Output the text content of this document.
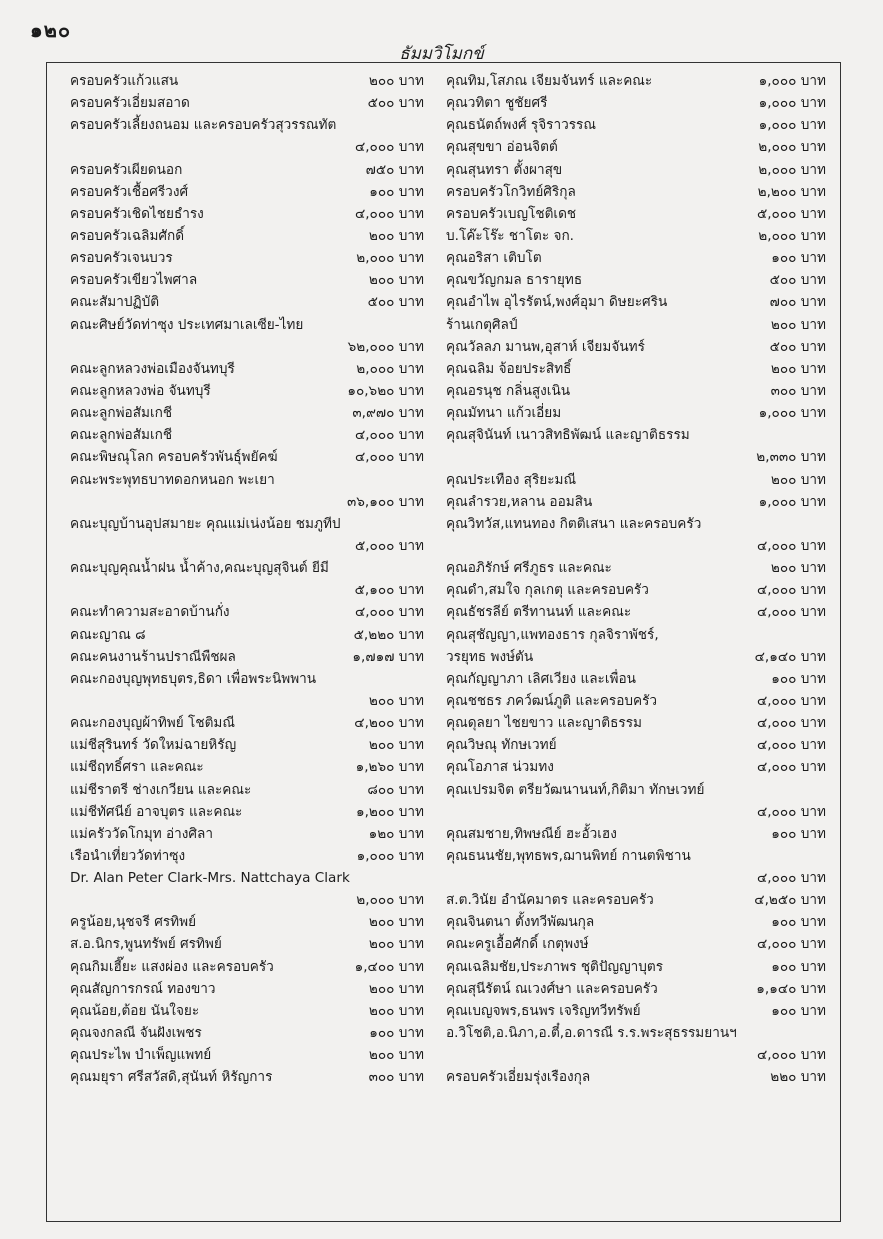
๑๒๐
ธัมมวิโมกข์
ครอบครัวแก้วแสน	๒๐๐ บาท
ครอบครัวเอี่ยมสอาด	๕๐๐ บาท
ครอบครัวเลี้ยงถนอม และครอบครัวสุวรรณทัต
๔,๐๐๐ บาท
ครอบครัวเผียดนอก	๗๕๐ บาท
ครอบครัวเชื้อศรีวงศ์	๑๐๐ บาท
ครอบครัวเชิดไชยธำรง	๔,๐๐๐ บาท
ครอบครัวเฉลิมศักดิ์	๒๐๐ บาท
ครอบครัวเจนบวร	๒,๐๐๐ บาท
ครอบครัวเขียวไพศาล	๒๐๐ บาท
คณะสัมาปฏิบัติ	๕๐๐ บาท
คณะศิษย์วัดท่าซุง ประเทศมาเลเซีย-ไทย
๖๒,๐๐๐ บาท
คณะลูกหลวงพ่อเมืองจันทบุรี	๒,๐๐๐ บาท
คณะลูกหลวงพ่อ จันทบุรี	๑๐,๖๒๐ บาท
คณะลูกพ่อสัมเกชี	๓,๙๗๐ บาท
คณะลูกพ่อสัมเกชี	๔,๐๐๐ บาท
คณะพิษณุโลก ครอบครัวพันธุ์พยัคฆ์	๔,๐๐๐ บาท
คณะพระพุทธบาทดอกหนอก พะเยา
๓๖,๑๐๐ บาท
คณะบุญบ้านอุปสมายะ คุณแม่เน่งน้อย ชมภูทีป
๕,๐๐๐ บาท
คณะบุญคุณน้ำฝน น้ำค้าง,คณะบุญสุจินต์ ยีมี
๕,๑๐๐ บาท
คณะทำความสะอาดบ้านกั่ง	๔,๐๐๐ บาท
คณะญาณ ๘	๕,๒๒๐ บาท
คณะคนงานร้านปราณีพืชผล	๑,๗๑๗ บาท
คณะกองบุญพุทธบุตร,ธิดา เพื่อพระนิพพาน
๒๐๐ บาท
คณะกองบุญผ้าทิพย์ โชติมณี	๔,๒๐๐ บาท
แม่ชีสุรินทร์ วัดใหม่ฉายหิรัญ	๒๐๐ บาท
แม่ชีฤทธิ์ศรา และคณะ	๑,๒๖๐ บาท
แม่ชีราตรี ช่างเกวียน และคณะ	๘๐๐ บาท
แม่ชีทัศนีย์ อาจบุตร และคณะ	๑,๒๐๐ บาท
แม่ครัววัดโกมุท อ่างศิลา	๑๒๐ บาท
เรือนำเที่ยววัดท่าซุง	๑,๐๐๐ บาท
Dr. Alan Peter Clark-Mrs. Nattchaya Clark
๒,๐๐๐ บาท
ครูน้อย,นุชจรี ศรทิพย์	๒๐๐ บาท
ส.อ.นิกร,พูนทรัพย์ ศรทิพย์	๒๐๐ บาท
คุณกิมเฮี๊ยะ แสงผ่อง และครอบครัว	๑,๔๐๐ บาท
คุณสัญการกรณ์ ทองขาว	๒๐๐ บาท
คุณน้อย,ต้อย นันใจยะ	๒๐๐ บาท
คุณจงกลณี จันฝังเพชร	๑๐๐ บาท
คุณประไพ บำเพ็ญแพทย์	๒๐๐ บาท
คุณมยุรา ศรีสวัสดิ,สุนันท์ หิรัญการ	๓๐๐ บาท
คุณทิม,โสภณ เจียมจันทร์ และคณะ	๑,๐๐๐ บาท
คุณวทิตา ชูชัยศรี	๑,๐๐๐ บาท
คุณธนัตถ์พงศ์ รุจิราวรรณ	๑,๐๐๐ บาท
คุณสุขขา อ่อนจิตต์	๒,๐๐๐ บาท
คุณสุนทรา ตั้งผาสุข	๒,๐๐๐ บาท
ครอบครัวโกวิทย์ศิริกุล	๒,๒๐๐ บาท
ครอบครัวเบญโชติเดช	๕,๐๐๐ บาท
บ.โค๊ะโร๊ะ ชาโตะ จก.	๒,๐๐๐ บาท
คุณอริสา เติบโต	๑๐๐ บาท
คุณขวัญกมล ธารายุทธ	๕๐๐ บาท
คุณอำไพ อุไรรัตน์,พงศ์อุมา ดิษยะศริน	๗๐๐ บาท
ร้านเกตุศิลป์	๒๐๐ บาท
คุณวัลลภ มานพ,อุสาห์ เจียมจันทร์	๕๐๐ บาท
คุณฉลิม จ้อยประสิทธิ์	๒๐๐ บาท
คุณอรนุช กลิ่นสูงเนิน	๓๐๐ บาท
คุณมัทนา แก้วเอี่ยม	๑,๐๐๐ บาท
คุณสุจินันท์ เนาวสิทธิพัฒน์ และญาติธรรม
๒,๓๓๐ บาท
คุณประเทือง สุริยะมณี	๒๐๐ บาท
คุณลำรวย,หลาน ออมสิน	๑,๐๐๐ บาท
คุณวิทวัส,แทนทอง กิตติเสนา และครอบครัว
๔,๐๐๐ บาท
คุณอภิรักษ์ ศรีภูธร และคณะ	๒๐๐ บาท
คุณดำ,สมใจ กุลเกตุ และครอบครัว	๔,๐๐๐ บาท
คุณธัชรลีย์ ตรีทานนท์ และคณะ	๔,๐๐๐ บาท
คุณสุชัญญา,แพทองธาร กุลจิราพัชร์,
วรยุทธ พงษ์ตัน	๔,๑๔๐ บาท
คุณกัญญาภา เลิศเวียง และเพื่อน	๑๐๐ บาท
คุณชชธร ภคว์ฒน์ภูติ และครอบครัว	๔,๐๐๐ บาท
คุณดุลยา ไชยขาว และญาติธรรม	๔,๐๐๐ บาท
คุณวิษณุ ทักษเวทย์	๔,๐๐๐ บาท
คุณโอภาส น่วมทง	๔,๐๐๐ บาท
คุณเปรมจิต ตรียวัฒนานนท์,กิติมา ทักษเวทย์
๔,๐๐๐ บาท
คุณสมชาย,ทิพษณีย์ ฮะอั้วเฮง	๑๐๐ บาท
คุณธนนชัย,พุทธพร,ฌานพิทย์ กานตพิชาน
๔,๐๐๐ บาท
ส.ต.วินัย อำนัคมาตร และครอบครัว	๔,๒๕๐ บาท
คุณจินตนา ตั้งทวีพัฒนกุล	๑๐๐ บาท
คณะครูเอื้อศักดิ์ เกตุพงษ์	๔,๐๐๐ บาท
คุณเฉลิมชัย,ประภาพร ชุติปัญญาบุตร	๑๐๐ บาท
คุณสุนีรัตน์ ณเวงศ์ษา และครอบครัว	๑,๑๔๐ บาท
คุณเบญจพร,ธนพร เจริญทวีทรัพย์	๑๐๐ บาท
อ.วิโชติ,อ.นิภา,อ.ตี๋,อ.ดารณี ร.ร.พระสุธรรมยานฯ
๔,๐๐๐ บาท
ครอบครัวเอี่ยมรุ่งเรืองกุล	๒๒๐ บาท
